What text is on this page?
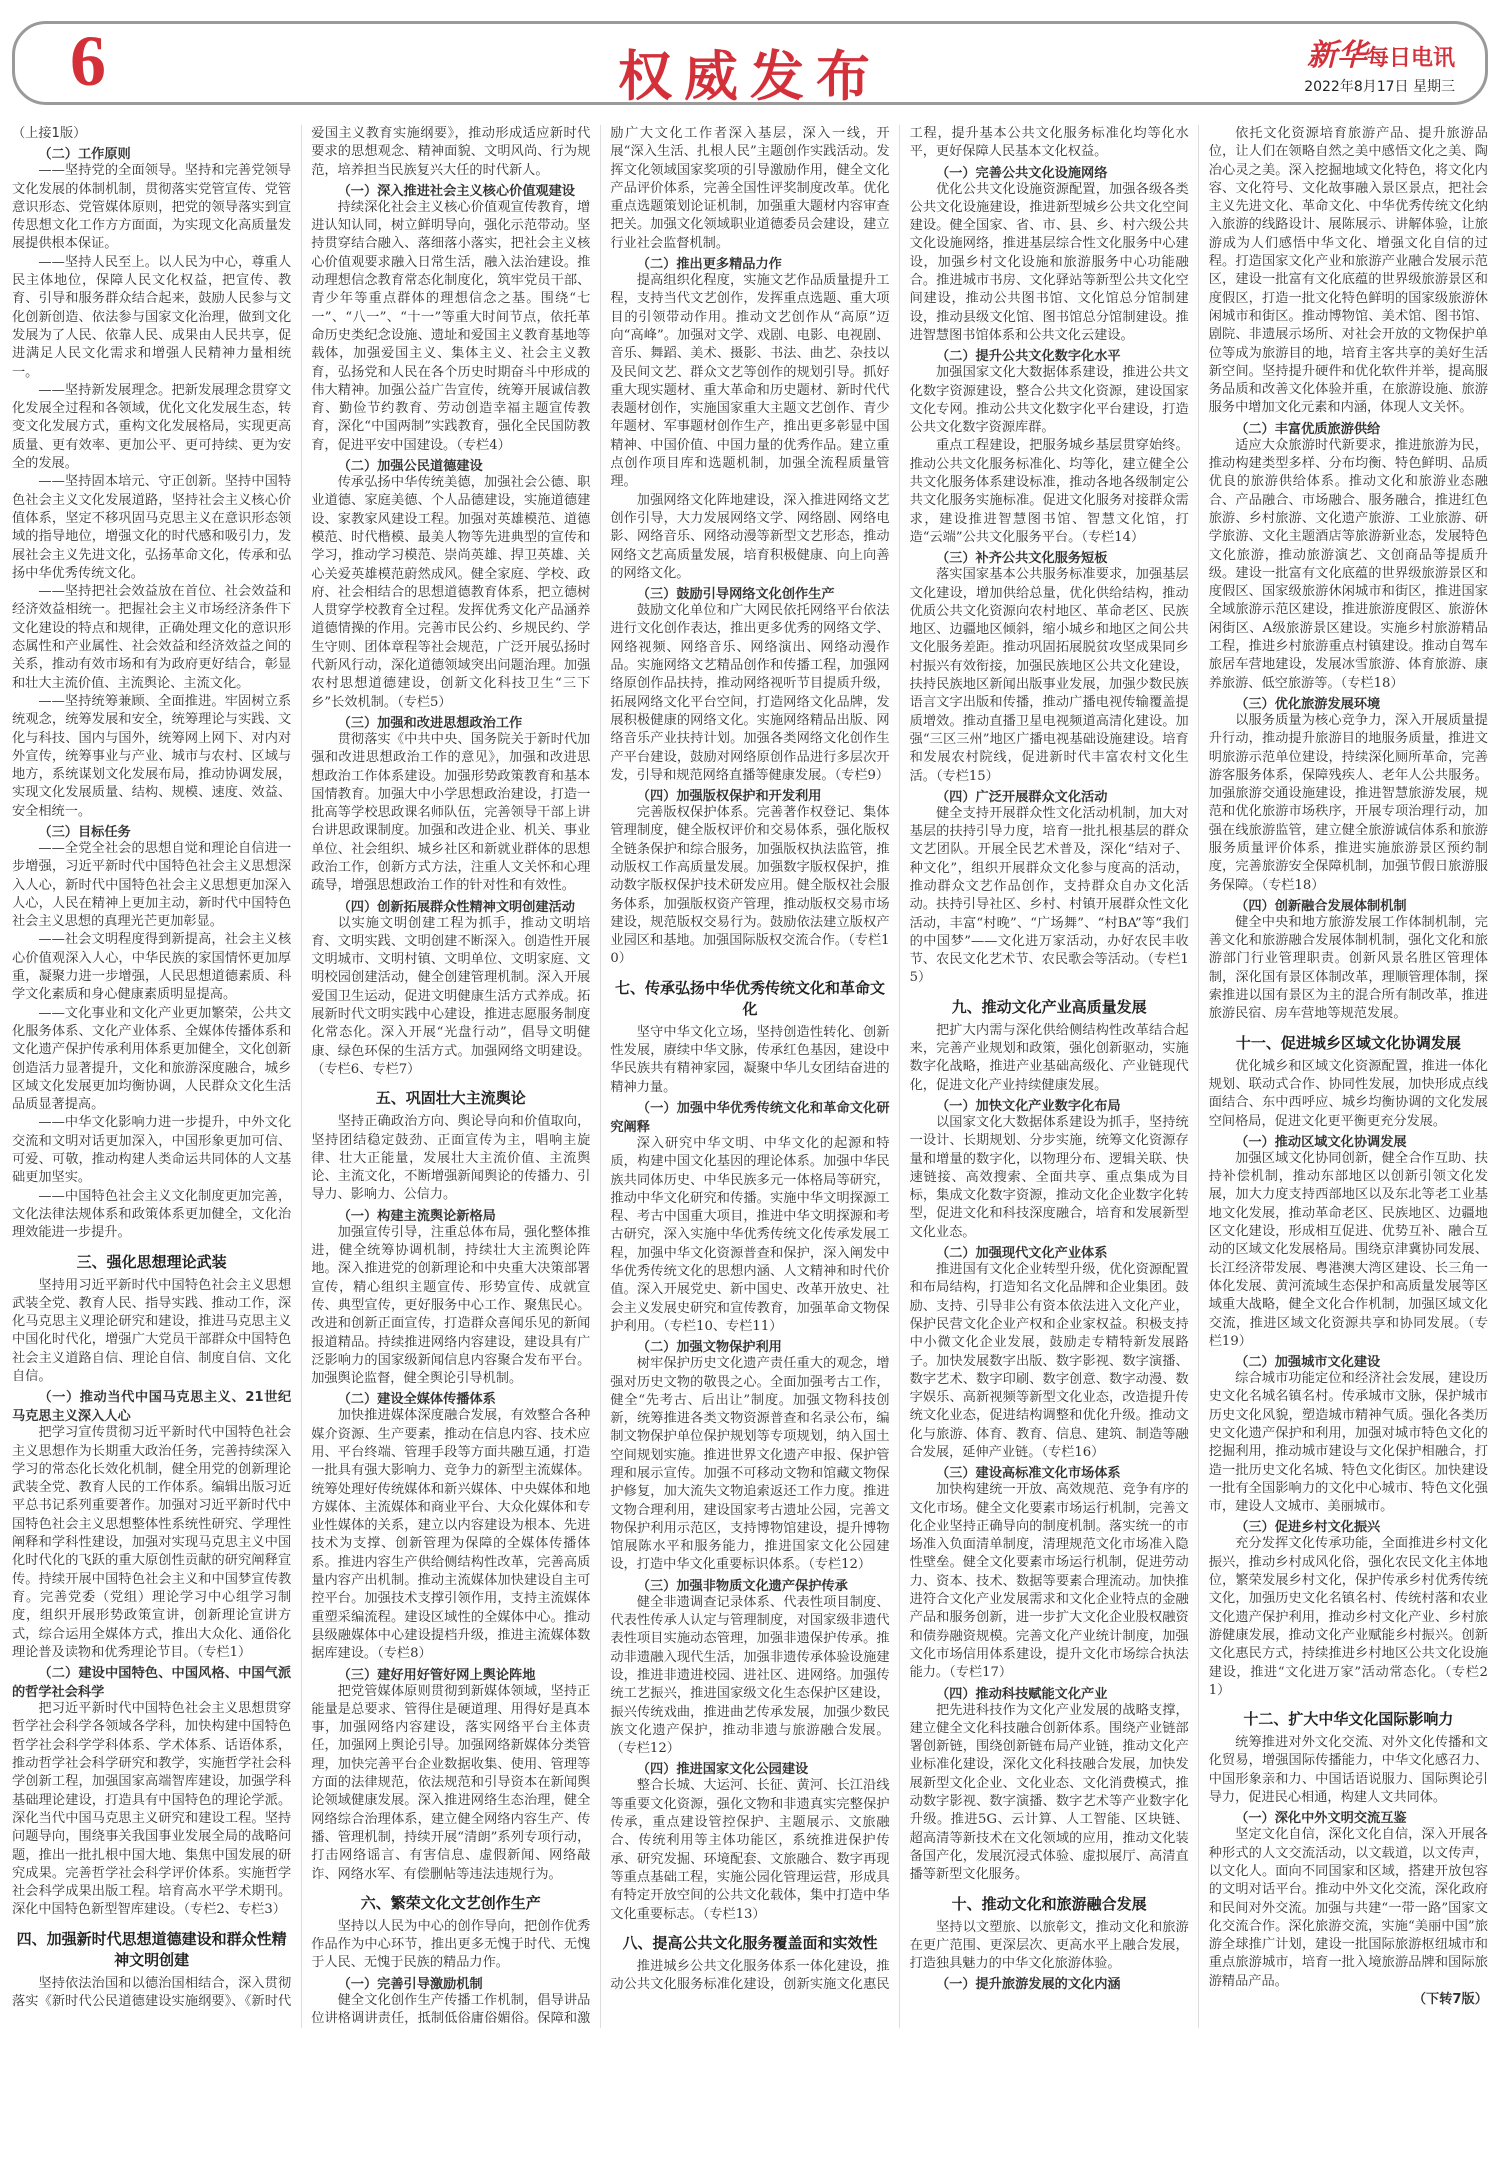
6	权威发布	新华每日电讯
2022年8月17日 星期三

（上接1版）

（二）工作原则

——坚持党的全面领导。坚持和完善党领导文化发展的体制机制，贯彻落实党管宣传、党管意识形态、党管媒体原则，把党的领导落实到宣传思想文化工作方方面面，为实现文化高质量发展提供根本保证。

——坚持人民至上。以人民为中心，尊重人民主体地位，保障人民文化权益，把宣传、教育、引导和服务群众结合起来，鼓励人民参与文化创新创造、依法参与国家文化治理，做到文化发展为了人民、依靠人民、成果由人民共享，促进满足人民文化需求和增强人民精神力量相统一。

——坚持新发展理念。把新发展理念贯穿文化发展全过程和各领域，优化文化发展生态，转变文化发展方式，重构文化发展格局，实现更高质量、更有效率、更加公平、更可持续、更为安全的发展。

——坚持固本培元、守正创新。坚持中国特色社会主义文化发展道路，坚持社会主义核心价值体系，坚定不移巩固马克思主义在意识形态领域的指导地位，增强文化的时代感和吸引力，发展社会主义先进文化，弘扬革命文化，传承和弘扬中华优秀传统文化。

——坚持把社会效益放在首位、社会效益和经济效益相统一。把握社会主义市场经济条件下文化建设的特点和规律，正确处理文化的意识形态属性和产业属性、社会效益和经济效益之间的关系，推动有效市场和有为政府更好结合，彰显和壮大主流价值、主流舆论、主流文化。

——坚持统筹兼顾、全面推进。牢固树立系统观念，统筹发展和安全，统筹理论与实践、文化与科技、国内与国外，统筹网上网下、对内对外宣传，统筹事业与产业、城市与农村、区域与地方，系统谋划文化发展布局，推动协调发展，实现文化发展质量、结构、规模、速度、效益、安全相统一。

（三）目标任务

——全党全社会的思想自觉和理论自信进一步增强，习近平新时代中国特色社会主义思想深入人心，新时代中国特色社会主义思想更加深入人心，人民在精神上更加主动，新时代中国特色社会主义思想的真理光芒更加彰显。

——社会文明程度得到新提高，社会主义核心价值观深入人心，中华民族的家国情怀更加厚重，凝聚力进一步增强，人民思想道德素质、科学文化素质和身心健康素质明显提高。

——文化事业和文化产业更加繁荣，公共文化服务体系、文化产业体系、全媒体传播体系和文化遗产保护传承利用体系更加健全，文化创新创造活力显著提升，文化和旅游深度融合，城乡区域文化发展更加均衡协调，人民群众文化生活品质显著提高。

——中华文化影响力进一步提升，中外文化交流和文明对话更加深入，中国形象更加可信、可爱、可敬，推动构建人类命运共同体的人文基础更加坚实。

——中国特色社会主义文化制度更加完善，文化法律法规体系和政策体系更加健全，文化治理效能进一步提升。

三、强化思想理论武装

坚持用习近平新时代中国特色社会主义思想武装全党、教育人民、指导实践、推动工作，深化马克思主义理论研究和建设，推进马克思主义中国化时代化，增强广大党员干部群众中国特色社会主义道路自信、理论自信、制度自信、文化自信。

（一）推动当代中国马克思主义、21世纪马克思主义深入人心

把学习宣传贯彻习近平新时代中国特色社会主义思想作为长期重大政治任务，完善持续深入学习的常态化长效化机制，健全用党的创新理论武装全党、教育人民的工作体系。编辑出版习近平总书记系列重要著作。加强对习近平新时代中国特色社会主义思想整体性系统性研究、学理性阐释和学科性建设，加强对实现马克思主义中国化时代化的飞跃的重大原创性贡献的研究阐释宣传。持续开展中国特色社会主义和中国梦宣传教育。完善党委（党组）理论学习中心组学习制度，组织开展形势政策宣讲，创新理论宣讲方式，综合运用全媒体方式，推出大众化、通俗化理论普及读物和优秀理论节目。（专栏1）

（二）建设中国特色、中国风格、中国气派的哲学社会科学

把习近平新时代中国特色社会主义思想贯穿哲学社会科学各领域各学科，加快构建中国特色哲学社会科学学科体系、学术体系、话语体系，推动哲学社会科学研究和教学，实施哲学社会科学创新工程，加强国家高端智库建设，加强学科基础理论建设，打造具有中国特色的理论学派。深化当代中国马克思主义研究和建设工程。坚持问题导向，围绕事关我国事业发展全局的战略问题，推出一批扎根中国大地、集焦中国发展的研究成果。完善哲学社会科学评价体系。实施哲学社会科学成果出版工程。培育高水平学术期刊。深化中国特色新型智库建设。（专栏2、专栏3）

四、加强新时代思想道德建设和群众性精神文明创建

坚持依法治国和以德治国相结合，深入贯彻落实《新时代公民道德建设实施纲要》、《新时代爱国主义教育实施纲要》，推动形成适应新时代要求的思想观念、精神面貌、文明风尚、行为规范，培养担当民族复兴大任的时代新人。

（一）深入推进社会主义核心价值观建设

持续深化社会主义核心价值观宣传教育，增进认知认同，树立鲜明导向，强化示范带动。坚持贯穿结合融入、落细落小落实，把社会主义核心价值观要求融入日常生活，融入法治建设。推动理想信念教育常态化制度化，筑牢党员干部、青少年等重点群体的理想信念之基。围绕“七一”、“八一”、“十一”等重大时间节点，依托革命历史类纪念设施、遗址和爱国主义教育基地等载体，加强爱国主义、集体主义、社会主义教育，弘扬党和人民在各个历史时期奋斗中形成的伟大精神。加强公益广告宣传，统筹开展诚信教育、勤俭节约教育、劳动创造幸福主题宣传教育，深化“中国两制”实践教育，强化全民国防教育，促进平安中国建设。（专栏4）

（二）加强公民道德建设

传承弘扬中华传统美德，加强社会公德、职业道德、家庭美德、个人品德建设，实施道德建设、家教家风建设工程。加强对英雄模范、道德模范、时代楷模、最美人物等先进典型的宣传和学习，推动学习模范、崇尚英雄、捍卫英雄、关心关爱英雄模范蔚然成风。健全家庭、学校、政府、社会相结合的思想道德教育体系，把立德树人贯穿学校教育全过程。发挥优秀文化产品涵养道德情操的作用。完善市民公约、乡规民约、学生守则、团体章程等社会规范，广泛开展弘扬时代新风行动，深化道德领域突出问题治理。加强农村思想道德建设，创新文化科技卫生“三下乡”长效机制。（专栏5）

（三）加强和改进思想政治工作

贯彻落实《中共中央、国务院关于新时代加强和改进思想政治工作的意见》，加强和改进思想政治工作体系建设。加强形势政策教育和基本国情教育。加强大中小学思想政治建设，打造一批高等学校思政课名师队伍，完善领导干部上讲台讲思政课制度。加强和改进企业、机关、事业单位、社会组织、城乡社区和新就业群体的思想政治工作，创新方式方法，注重人文关怀和心理疏导，增强思想政治工作的针对性和有效性。

（四）创新拓展群众性精神文明创建活动

以实施文明创建工程为抓手，推动文明培育、文明实践、文明创建不断深入。创造性开展文明城市、文明村镇、文明单位、文明家庭、文明校园创建活动，健全创建管理机制。深入开展爱国卫生运动，促进文明健康生活方式养成。拓展新时代文明实践中心建设，推进志愿服务制度化常态化。深入开展“光盘行动”，倡导文明健康、绿色环保的生活方式。加强网络文明建设。（专栏6、专栏7）

五、巩固壮大主流舆论

坚持正确政治方向、舆论导向和价值取向，坚持团结稳定鼓劲、正面宣传为主，唱响主旋律、壮大正能量，发展壮大主流价值、主流舆论、主流文化，不断增强新闻舆论的传播力、引导力、影响力、公信力。

（一）构建主流舆论新格局

加强宣传引导，注重总体布局，强化整体推进，健全统筹协调机制，持续壮大主流舆论阵地。深入推进党的创新理论和中央重大决策部署宣传，精心组织主题宣传、形势宣传、成就宣传、典型宣传，更好服务中心工作、聚焦民心。改进和创新正面宣传，打造群众喜闻乐见的新闻报道精品。持续推进网络内容建设，建设具有广泛影响力的国家级新闻信息内容聚合发布平台。加强舆论监督，健全舆论引导机制。

（二）建设全媒体传播体系

加快推进媒体深度融合发展，有效整合各种媒介资源、生产要素，推动在信息内容、技术应用、平台终端、管理手段等方面共融互通，打造一批具有强大影响力、竞争力的新型主流媒体。统筹处理好传统媒体和新兴媒体、中央媒体和地方媒体、主流媒体和商业平台、大众化媒体和专业性媒体的关系，建立以内容建设为根本、先进技术为支撑、创新管理为保障的全媒体传播体系。推进内容生产供给侧结构性改革，完善高质量内容产出机制。推动主流媒体加快建设自主可控平台。加强技术支撑引领作用，支持主流媒体重塑采编流程。建设区域性的全媒体中心。推动县级融媒体中心建设提档升级，推进主流媒体数据库建设。（专栏8）

（三）建好用好管好网上舆论阵地

把党管媒体原则贯彻到新媒体领域，坚持正能量是总要求、管得住是硬道理、用得好是真本事，加强网络内容建设，落实网络平台主体责任，加强网上舆论引导。加强网络新媒体分类管理，加快完善平台企业数据收集、使用、管理等方面的法律规范，依法规范和引导资本在新闻舆论领域健康发展。深入推进网络生态治理，健全网络综合治理体系，建立健全网络内容生产、传播、管理机制，持续开展“清朗”系列专项行动，打击网络谣言、有害信息、虚假新闻、网络敲诈、网络水军、有偿删帖等违法违规行为。

六、繁荣文化文艺创作生产

坚持以人民为中心的创作导向，把创作优秀作品作为中心环节，推出更多无愧于时代、无愧于人民、无愧于民族的精品力作。

（一）完善引导激励机制

健全文化创作生产传播工作机制，倡导讲品位讲格调讲责任，抵制低俗庸俗媚俗。保障和激励广大文化工作者深入基层，深入一线，开展“深入生活、扎根人民”主题创作实践活动。发挥文化领域国家奖项的引导激励作用，健全文化产品评价体系，完善全国性评奖制度改革。优化重点选题策划论证机制，加强重大题材内容审查把关。加强文化领域职业道德委员会建设，建立行业社会监督机制。

（二）推出更多精品力作

提高组织化程度，实施文艺作品质量提升工程，支持当代文艺创作，发挥重点选题、重大项目的引领带动作用。推动文艺创作从“高原”迈向“高峰”。加强对文学、戏剧、电影、电视剧、音乐、舞蹈、美术、摄影、书法、曲艺、杂技以及民间文艺、群众文艺等创作的规划引导。抓好重大现实题材、重大革命和历史题材、新时代代表题材创作，实施国家重大主题文艺创作、青少年题材、军事题材创作生产，推出更多彰显中国精神、中国价值、中国力量的优秀作品。建立重点创作项目库和选题机制，加强全流程质量管理。

加强网络文化阵地建设，深入推进网络文艺创作引导，大力发展网络文学、网络剧、网络电影、网络音乐、网络动漫等新型文艺形态，推动网络文艺高质量发展，培育积极健康、向上向善的网络文化。

（三）鼓励引导网络文化创作生产

鼓励文化单位和广大网民依托网络平台依法进行文化创作表达，推出更多优秀的网络文学、网络视频、网络音乐、网络演出、网络动漫作品。实施网络文艺精品创作和传播工程，加强网络原创作品扶持，推动网络视听节目提质升级，拓展网络文化平台空间，打造网络文化品牌，发展积极健康的网络文化。实施网络精品出版、网络音乐产业扶持计划。加强各类网络文化创作生产平台建设，鼓励对网络原创作品进行多层次开发，引导和规范网络直播等健康发展。（专栏9）

（四）加强版权保护和开发利用

完善版权保护体系。完善著作权登记、集体管理制度，健全版权评价和交易体系，强化版权全链条保护和综合服务，加强版权执法监管，推动版权工作高质量发展。加强数字版权保护，推动数字版权保护技术研发应用。健全版权社会服务体系，加强版权资产管理，推动版权交易市场建设，规范版权交易行为。鼓励依法建立版权产业园区和基地。加强国际版权交流合作。（专栏10）

七、传承弘扬中华优秀传统文化和革命文化

坚守中华文化立场，坚持创造性转化、创新性发展，赓续中华文脉，传承红色基因，建设中华民族共有精神家园，凝聚中华儿女团结奋进的精神力量。

（一）加强中华优秀传统文化和革命文化研究阐释

深入研究中华文明、中华文化的起源和特质，构建中国文化基因的理论体系。加强中华民族共同体历史、中华民族多元一体格局等研究，推动中华文化研究和传播。实施中华文明探源工程、考古中国重大项目，推进中华文明探源和考古研究，深入实施中华优秀传统文化传承发展工程，加强中华文化资源普查和保护，深入阐发中华优秀传统文化的思想内涵、人文精神和时代价值。深入开展党史、新中国史、改革开放史、社会主义发展史研究和宣传教育，加强革命文物保护利用。（专栏10、专栏11）

（二）加强文物保护利用

树牢保护历史文化遗产责任重大的观念，增强对历史文物的敬畏之心。全面加强考古工作，健全“先考古、后出让”制度。加强文物科技创新，统筹推进各类文物资源普查和名录公布，编制文物保护单位保护规划等专项规划，纳入国土空间规划实施。推进世界文化遗产申报、保护管理和展示宣传。加强不可移动文物和馆藏文物保护修复，加大流失文物追索返还工作力度。推进文物合理利用，建设国家考古遗址公园，完善文物保护利用示范区，支持博物馆建设，提升博物馆展陈水平和服务能力，推进国家文化公园建设，打造中华文化重要标识体系。（专栏12）

（三）加强非物质文化遗产保护传承

健全非遗调查记录体系、代表性项目制度、代表性传承人认定与管理制度，对国家级非遗代表性项目实施动态管理，加强非遗保护传承。推动非遗融入现代生活，加强非遗传承体验设施建设，推进非遗进校园、进社区、进网络。加强传统工艺振兴，推进国家级文化生态保护区建设，振兴传统戏曲，推进曲艺传承发展，加强少数民族文化遗产保护，推动非遗与旅游融合发展。（专栏12）

（四）推进国家文化公园建设

整合长城、大运河、长征、黄河、长江沿线等重要文化资源，强化文物和非遗真实完整保护传承，重点建设管控保护、主题展示、文旅融合、传统利用等主体功能区，系统推进保护传承、研究发掘、环境配套、文旅融合、数字再现等重点基础工程，实施公园化管理运营，形成具有特定开放空间的公共文化载体，集中打造中华文化重要标志。（专栏13）

八、提高公共文化服务覆盖面和实效性

推进城乡公共文化服务体系一体化建设，推动公共文化服务标准化建设，创新实施文化惠民工程，提升基本公共文化服务标准化均等化水平，更好保障人民基本文化权益。

（一）完善公共文化设施网络

优化公共文化设施资源配置，加强各级各类公共文化设施建设，推进新型城乡公共文化空间建设。健全国家、省、市、县、乡、村六级公共文化设施网络，推进基层综合性文化服务中心建设，加强乡村文化设施和旅游服务中心功能融合。推进城市书房、文化驿站等新型公共文化空间建设，推动公共图书馆、文化馆总分馆制建设，推动县级文化馆、图书馆总分馆制建设。推进智慧图书馆体系和公共文化云建设。

（二）提升公共文化数字化水平

加强国家文化大数据体系建设，推进公共文化数字资源建设，整合公共文化资源，建设国家文化专网。推动公共文化数字化平台建设，打造公共文化数字资源库群。

重点工程建设，把服务城乡基层贯穿始终。推动公共文化服务标准化、均等化，建立健全公共文化服务体系建设标准，推动各地各级制定公共文化服务实施标准。促进文化服务对接群众需求，建设推进智慧图书馆、智慧文化馆，打造“云端”公共文化服务平台。（专栏14）

（三）补齐公共文化服务短板

落实国家基本公共服务标准要求，加强基层文化建设，增加供给总量，优化供给结构，推动优质公共文化资源向农村地区、革命老区、民族地区、边疆地区倾斜，缩小城乡和地区之间公共文化服务差距。推动巩固拓展脱贫攻坚成果同乡村振兴有效衔接，加强民族地区公共文化建设，扶持民族地区新闻出版事业发展，加强少数民族语言文字出版和传播，推动广播电视传输覆盖提质增效。推动直播卫星电视频道高清化建设。加强“三区三州”地区广播电视基础设施建设。培育和发展农村院线，促进新时代丰富农村文化生活。（专栏15）

（四）广泛开展群众文化活动

健全支持开展群众性文化活动机制，加大对基层的扶持引导力度，培育一批扎根基层的群众文艺团队。开展全民艺术普及，深化“结对子、种文化”，组织开展群众文化参与度高的活动，推动群众文艺作品创作，支持群众自办文化活动。扶持引导社区、乡村、村镇开展群众性文化活动，丰富“村晚”、“广场舞”、“村BA”等“我们的中国梦”——文化进万家活动，办好农民丰收节、农民文化艺术节、农民歌会等活动。（专栏15）

九、推动文化产业高质量发展

把扩大内需与深化供给侧结构性改革结合起来，完善产业规划和政策，强化创新驱动，实施数字化战略，推进产业基础高级化、产业链现代化，促进文化产业持续健康发展。

（一）加快文化产业数字化布局

以国家文化大数据体系建设为抓手，坚持统一设计、长期规划、分步实施，统筹文化资源存量和增量的数字化，以物理分布、逻辑关联、快速链接、高效搜索、全面共享、重点集成为目标，集成文化数字资源，推动文化企业数字化转型，促进文化和科技深度融合，培育和发展新型文化业态。

（二）加强现代文化产业体系

推进国有文化企业转型升级，优化资源配置和布局结构，打造知名文化品牌和企业集团。鼓励、支持、引导非公有资本依法进入文化产业，保护民营文化企业产权和企业家权益。积极支持中小微文化企业发展，鼓励走专精特新发展路子。加快发展数字出版、数字影视、数字演播、数字艺术、数字印刷、数字创意、数字动漫、数字娱乐、高新视频等新型文化业态，改造提升传统文化业态，促进结构调整和优化升级。推动文化与旅游、体育、教育、信息、建筑、制造等融合发展，延伸产业链。（专栏16）

（三）建设高标准文化市场体系

加快构建统一开放、高效规范、竞争有序的文化市场。健全文化要素市场运行机制，完善文化企业坚持正确导向的制度机制。落实统一的市场准入负面清单制度，清理规范文化市场准入隐性壁垒。健全文化要素市场运行机制，促进劳动力、资本、技术、数据等要素合理流动。加快推进符合文化产业发展需求和文化企业特点的金融产品和服务创新，进一步扩大文化企业股权融资和债券融资规模。完善文化产业统计制度，加强文化市场信用体系建设，提升文化市场综合执法能力。（专栏17）

（四）推动科技赋能文化产业

把先进科技作为文化产业发展的战略支撑，建立健全文化科技融合创新体系。围绕产业链部署创新链，围绕创新链布局产业链，推动文化产业标准化建设，深化文化科技融合发展，加快发展新型文化企业、文化业态、文化消费模式，推动数字影视、数字演播、数字艺术等产业数字化升级。推进5G、云计算、人工智能、区块链、超高清等新技术在文化领域的应用，推动文化装备国产化，发展沉浸式体验、虚拟展厅、高清直播等新型文化服务。

十、推动文化和旅游融合发展

坚持以文塑旅、以旅彰文，推动文化和旅游在更广范围、更深层次、更高水平上融合发展，打造独具魅力的中华文化旅游体验。

（一）提升旅游发展的文化内涵

依托文化资源培育旅游产品、提升旅游品位，让人们在领略自然之美中感悟文化之美、陶冶心灵之美。深入挖掘地域文化特色，将文化内容、文化符号、文化故事融入景区景点，把社会主义先进文化、革命文化、中华优秀传统文化纳入旅游的线路设计、展陈展示、讲解体验，让旅游成为人们感悟中华文化、增强文化自信的过程。打造国家文化产业和旅游产业融合发展示范区，建设一批富有文化底蕴的世界级旅游景区和度假区，打造一批文化特色鲜明的国家级旅游休闲城市和街区。推动博物馆、美术馆、图书馆、剧院、非遗展示场所、对社会开放的文物保护单位等成为旅游目的地，培育主客共享的美好生活新空间。坚持提升硬件和优化软件并举，提高服务品质和改善文化体验并重，在旅游设施、旅游服务中增加文化元素和内涵，体现人文关怀。

（二）丰富优质旅游供给

适应大众旅游时代新要求，推进旅游为民，推动构建类型多样、分布均衡、特色鲜明、品质优良的旅游供给体系。推动文化和旅游业态融合、产品融合、市场融合、服务融合，推进红色旅游、乡村旅游、文化遗产旅游、工业旅游、研学旅游、文化主题酒店等旅游新业态，发展特色文化旅游，推动旅游演艺、文创商品等提质升级。建设一批富有文化底蕴的世界级旅游景区和度假区、国家级旅游休闲城市和街区，推进国家全域旅游示范区建设，推进旅游度假区、旅游休闲街区、A级旅游景区建设。实施乡村旅游精品工程，推进乡村旅游重点村镇建设。推动自驾车旅居车营地建设，发展冰雪旅游、体育旅游、康养旅游、低空旅游等。（专栏18）

（三）优化旅游发展环境

以服务质量为核心竞争力，深入开展质量提升行动，推动提升旅游目的地服务质量，推进文明旅游示范单位建设，持续深化厕所革命，完善游客服务体系，保障残疾人、老年人公共服务。加强旅游交通设施建设，推进智慧旅游发展，规范和优化旅游市场秩序，开展专项治理行动，加强在线旅游监管，建立健全旅游诚信体系和旅游服务质量评价体系，推进实施旅游景区预约制度，完善旅游安全保障机制，加强节假日旅游服务保障。（专栏18）

（四）创新融合发展体制机制

健全中央和地方旅游发展工作体制机制，完善文化和旅游融合发展体制机制，强化文化和旅游部门行业管理职责。创新风景名胜区管理体制，深化国有景区体制改革，理顺管理体制，探索推进以国有景区为主的混合所有制改革，推进旅游民宿、房车营地等规范发展。

十一、促进城乡区域文化协调发展

优化城乡和区域文化资源配置，推进一体化规划、联动式合作、协同性发展，加快形成点线面结合、东中西呼应、城乡均衡协调的文化发展空间格局，促进文化更平衡更充分发展。

（一）推动区域文化协调发展

加强区域文化协同创新，健全合作互助、扶持补偿机制，推动东部地区以创新引领文化发展，加大力度支持西部地区以及东北等老工业基地文化发展，推动革命老区、民族地区、边疆地区文化建设，形成相互促进、优势互补、融合互动的区域文化发展格局。围绕京津冀协同发展、长江经济带发展、粤港澳大湾区建设、长三角一体化发展、黄河流域生态保护和高质量发展等区域重大战略，健全文化合作机制，加强区域文化交流，推进区域文化资源共享和协同发展。（专栏19）

（二）加强城市文化建设

综合城市功能定位和经济社会发展，建设历史文化名城名镇名村。传承城市文脉，保护城市历史文化风貌，塑造城市精神气质。强化各类历史文化遗产保护和利用，加强对城市特色文化的挖掘利用，推动城市建设与文化保护相融合，打造一批历史文化名城、特色文化街区。加快建设一批有全国影响力的文化中心城市、特色文化强市，建设人文城市、美丽城市。

（三）促进乡村文化振兴

充分发挥文化传承功能，全面推进乡村文化振兴，推动乡村成风化俗，强化农民文化主体地位，繁荣发展乡村文化，保护传承乡村优秀传统文化，加强历史文化名镇名村、传统村落和农业文化遗产保护利用，推动乡村文化产业、乡村旅游健康发展，推动文化产业赋能乡村振兴。创新文化惠民方式，持续推进乡村地区公共文化设施建设，推进“文化进万家”活动常态化。（专栏21）

十二、扩大中华文化国际影响力

统筹推进对外文化交流、对外文化传播和文化贸易，增强国际传播能力，中华文化感召力、中国形象亲和力、中国话语说服力、国际舆论引导力，促进民心相通，构建人文共同体。

（一）深化中外文明交流互鉴

坚定文化自信，深化文化自信，深入开展各种形式的人文交流活动，以文载道，以文传声，以文化人。面向不同国家和区域，搭建开放包容的文明对话平台。推动中外文化交流，深化政府和民间对外交流。加强与共建“一带一路”国家文化交流合作。深化旅游交流，实施“美丽中国”旅游全球推广计划，建设一批国际旅游枢纽城市和重点旅游城市，培育一批入境旅游品牌和国际旅游精品产品。

（下转7版）
